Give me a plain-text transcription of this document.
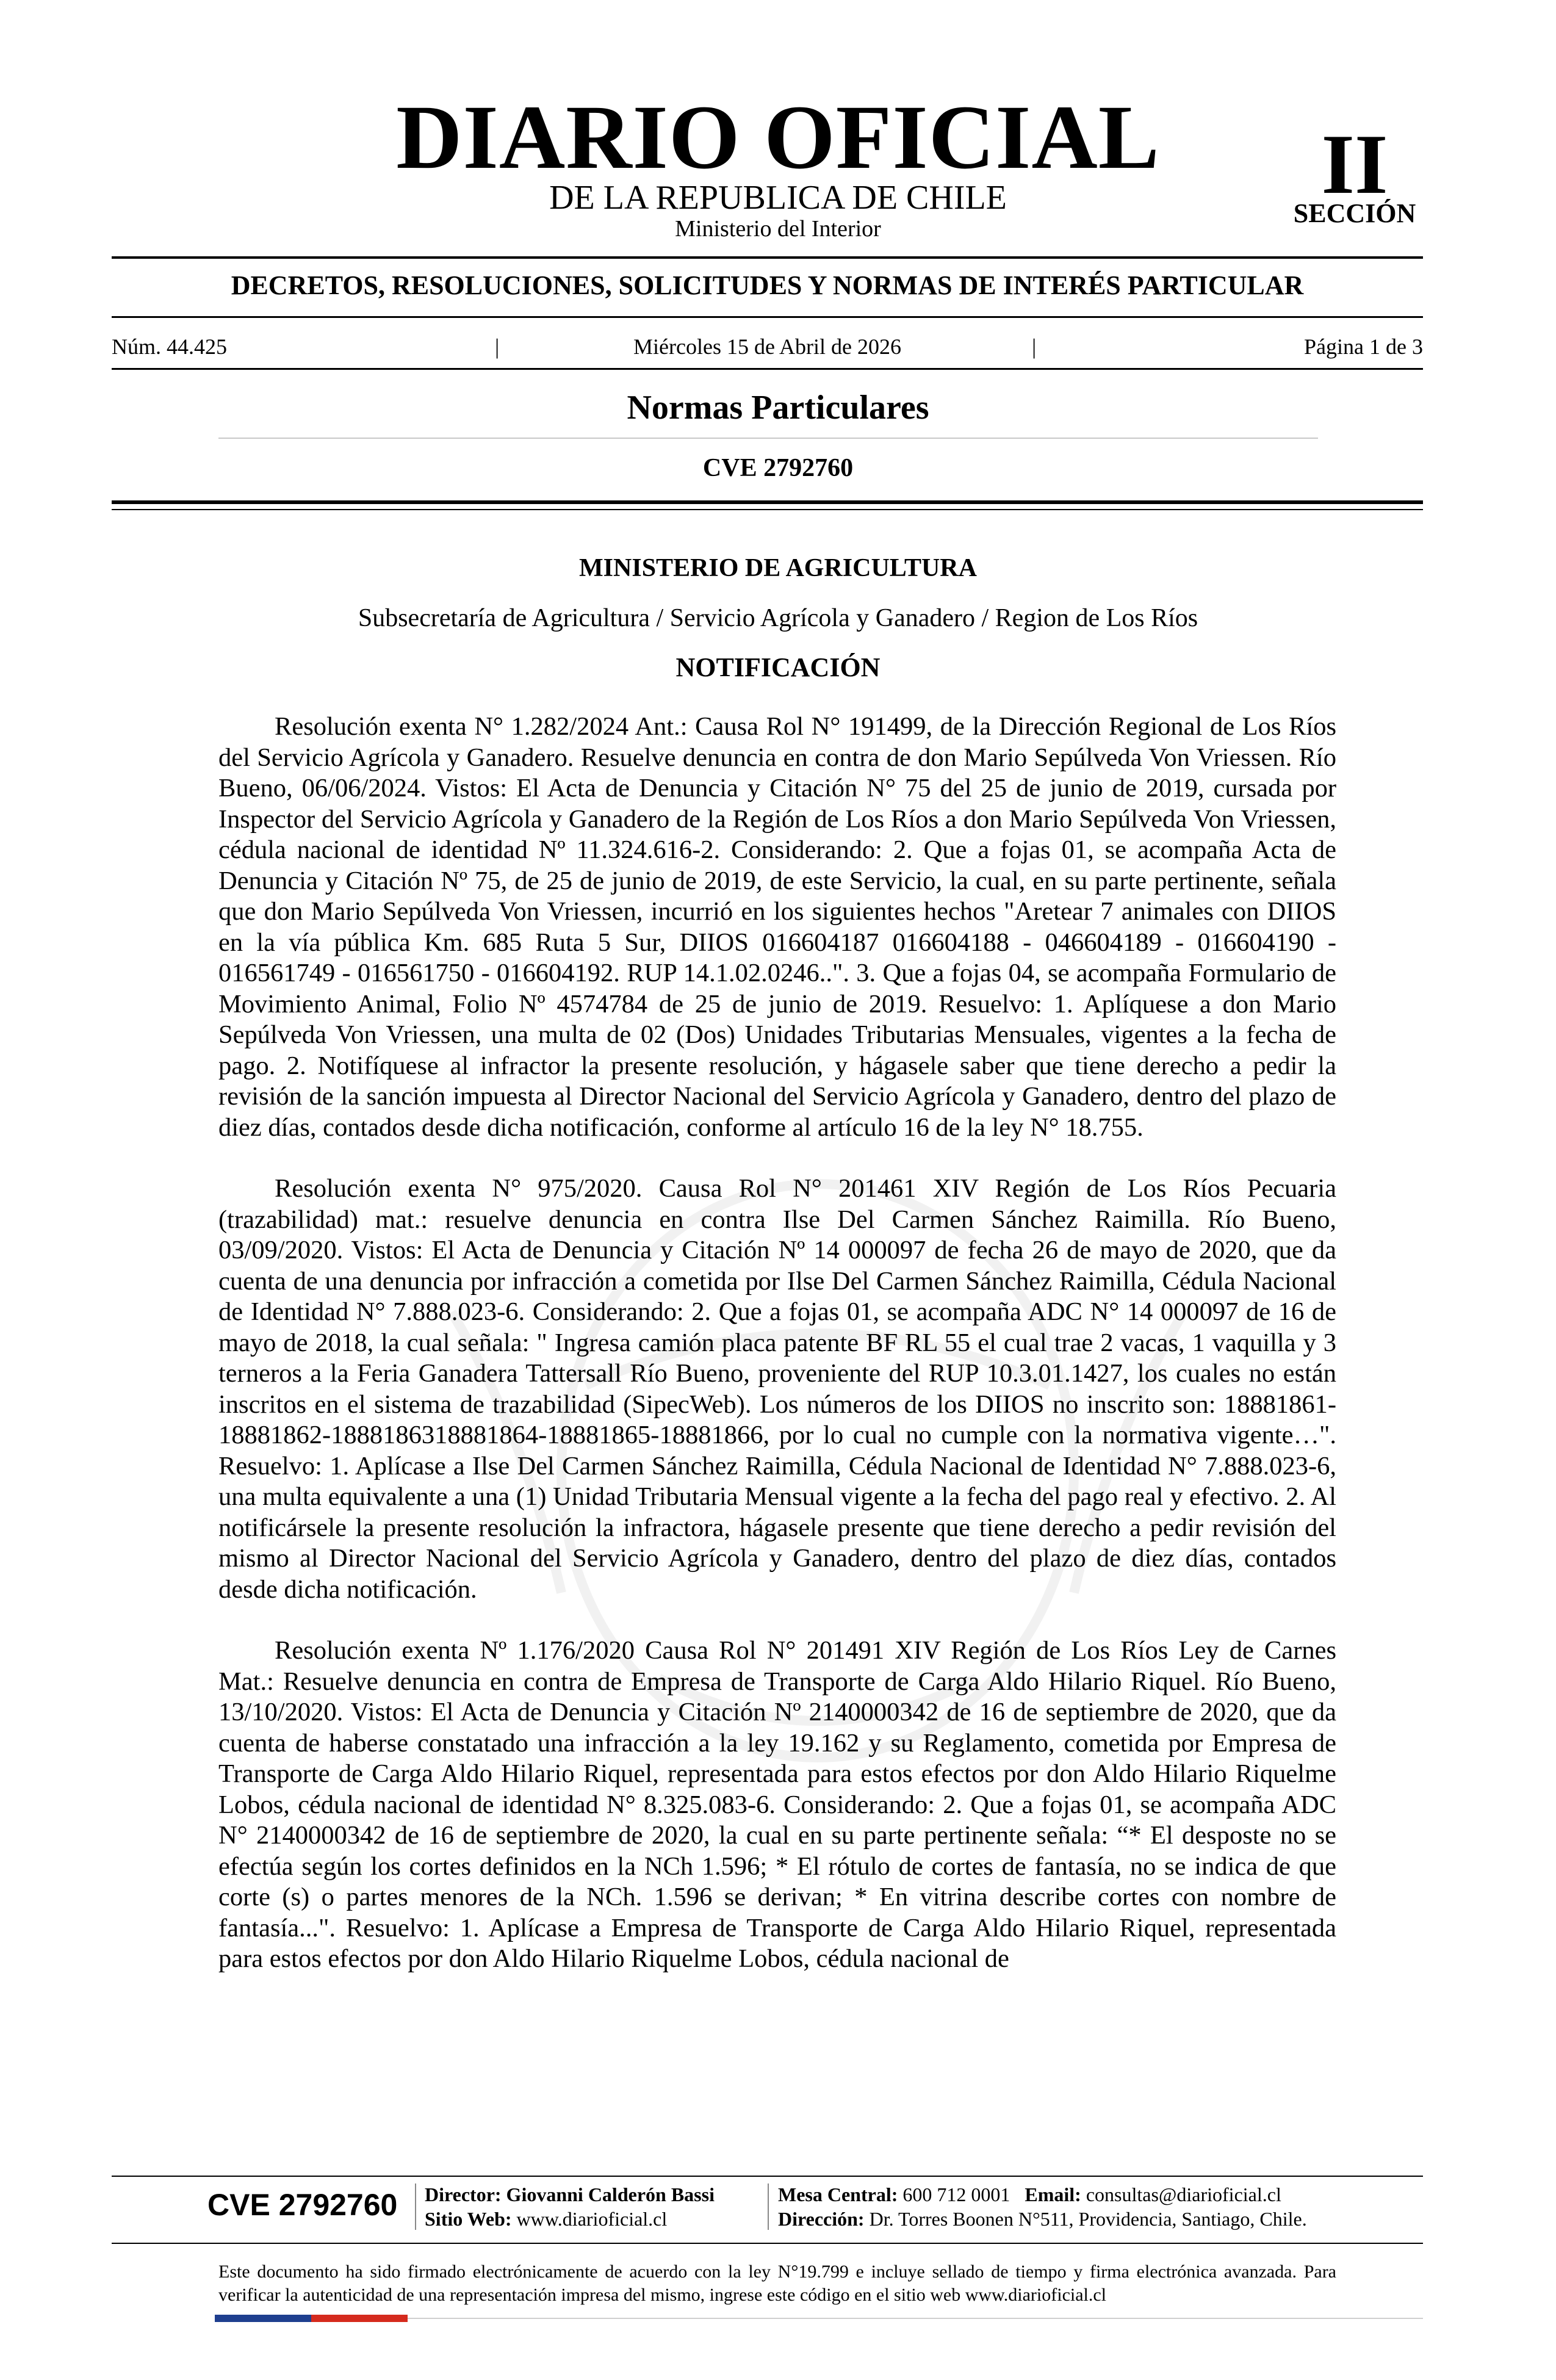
DIARIO OFICIAL
DE LA REPUBLICA DE CHILE
Ministerio del Interior
II
SECCIÓN
DECRETOS, RESOLUCIONES, SOLICITUDES Y NORMAS DE INTERÉS PARTICULAR
Núm. 44.425	|	Miércoles 15 de Abril de 2026	|	Página 1 de 3
Normas Particulares
CVE 2792760
MINISTERIO DE AGRICULTURA
Subsecretaría de Agricultura / Servicio Agrícola y Ganadero / Region de Los Ríos
NOTIFICACIÓN

Resolución exenta N° 1.282/2024 Ant.: Causa Rol N° 191499, de la Dirección Regional de Los Ríos del Servicio Agrícola y Ganadero. Resuelve denuncia en contra de don Mario Sepúlveda Von Vriessen. Río Bueno, 06/06/2024. Vistos: El Acta de Denuncia y Citación N° 75 del 25 de junio de 2019, cursada por Inspector del Servicio Agrícola y Ganadero de la Región de Los Ríos a don Mario Sepúlveda Von Vriessen, cédula nacional de identidad Nº 11.324.616-2. Considerando: 2. Que a fojas 01, se acompaña Acta de Denuncia y Citación Nº 75, de 25 de junio de 2019, de este Servicio, la cual, en su parte pertinente, señala que don Mario Sepúlveda Von Vriessen, incurrió en los siguientes hechos "Aretear 7 animales con DIIOS en la vía pública Km. 685 Ruta 5 Sur, DIIOS 016604187 016604188 - 046604189 - 016604190 - 016561749 - 016561750 - 016604192. RUP 14.1.02.0246..". 3. Que a fojas 04, se acompaña Formulario de Movimiento Animal, Folio Nº 4574784 de 25 de junio de 2019. Resuelvo: 1. Aplíquese a don Mario Sepúlveda Von Vriessen, una multa de 02 (Dos) Unidades Tributarias Mensuales, vigentes a la fecha de pago. 2. Notifíquese al infractor la presente resolución, y hágasele saber que tiene derecho a pedir la revisión de la sanción impuesta al Director Nacional del Servicio Agrícola y Ganadero, dentro del plazo de diez días, contados desde dicha notificación, conforme al artículo 16 de la ley N° 18.755.

Resolución exenta N° 975/2020. Causa Rol N° 201461 XIV Región de Los Ríos Pecuaria (trazabilidad) mat.: resuelve denuncia en contra Ilse Del Carmen Sánchez Raimilla. Río Bueno, 03/09/2020. Vistos: El Acta de Denuncia y Citación Nº 14 000097 de fecha 26 de mayo de 2020, que da cuenta de una denuncia por infracción a cometida por Ilse Del Carmen Sánchez Raimilla, Cédula Nacional de Identidad N° 7.888.023-6. Considerando: 2. Que a fojas 01, se acompaña ADC N° 14 000097 de 16 de mayo de 2018, la cual señala: " Ingresa camión placa patente BF RL 55 el cual trae 2 vacas, 1 vaquilla y 3 terneros a la Feria Ganadera Tattersall Río Bueno, proveniente del RUP 10.3.01.1427, los cuales no están inscritos en el sistema de trazabilidad (SipecWeb). Los números de los DIIOS no inscrito son: 18881861-18881862-1888186318881864-18881865-18881866, por lo cual no cumple con la normativa vigente…". Resuelvo: 1. Aplícase a Ilse Del Carmen Sánchez Raimilla, Cédula Nacional de Identidad N° 7.888.023-6, una multa equivalente a una (1) Unidad Tributaria Mensual vigente a la fecha del pago real y efectivo. 2. Al notificársele la presente resolución la infractora, hágasele presente que tiene derecho a pedir revisión del mismo al Director Nacional del Servicio Agrícola y Ganadero, dentro del plazo de diez días, contados desde dicha notificación.

Resolución exenta Nº 1.176/2020 Causa Rol N° 201491 XIV Región de Los Ríos Ley de Carnes Mat.: Resuelve denuncia en contra de Empresa de Transporte de Carga Aldo Hilario Riquel. Río Bueno, 13/10/2020. Vistos: El Acta de Denuncia y Citación Nº 2140000342 de 16 de septiembre de 2020, que da cuenta de haberse constatado una infracción a la ley 19.162 y su Reglamento, cometida por Empresa de Transporte de Carga Aldo Hilario Riquel, representada para estos efectos por don Aldo Hilario Riquelme Lobos, cédula nacional de identidad N° 8.325.083-6. Considerando: 2. Que a fojas 01, se acompaña ADC N° 2140000342 de 16 de septiembre de 2020, la cual en su parte pertinente señala: “* El desposte no se efectúa según los cortes definidos en la NCh 1.596; * El rótulo de cortes de fantasía, no se indica de que corte (s) o partes menores de la NCh. 1.596 se derivan; * En vitrina describe cortes con nombre de fantasía...". Resuelvo: 1. Aplícase a Empresa de Transporte de Carga Aldo Hilario Riquel, representada para estos efectos por don Aldo Hilario Riquelme Lobos, cédula nacional de

CVE 2792760	Director: Giovanni Calderón Bassi
Sitio Web: www.diarioficial.cl
Mesa Central: 600 712 0001 Email: consultas@diarioficial.cl
Dirección: Dr. Torres Boonen N°511, Providencia, Santiago, Chile.
Este documento ha sido firmado electrónicamente de acuerdo con la ley N°19.799 e incluye sellado de tiempo y firma electrónica avanzada. Para verificar la autenticidad de una representación impresa del mismo, ingrese este código en el sitio web www.diarioficial.cl
